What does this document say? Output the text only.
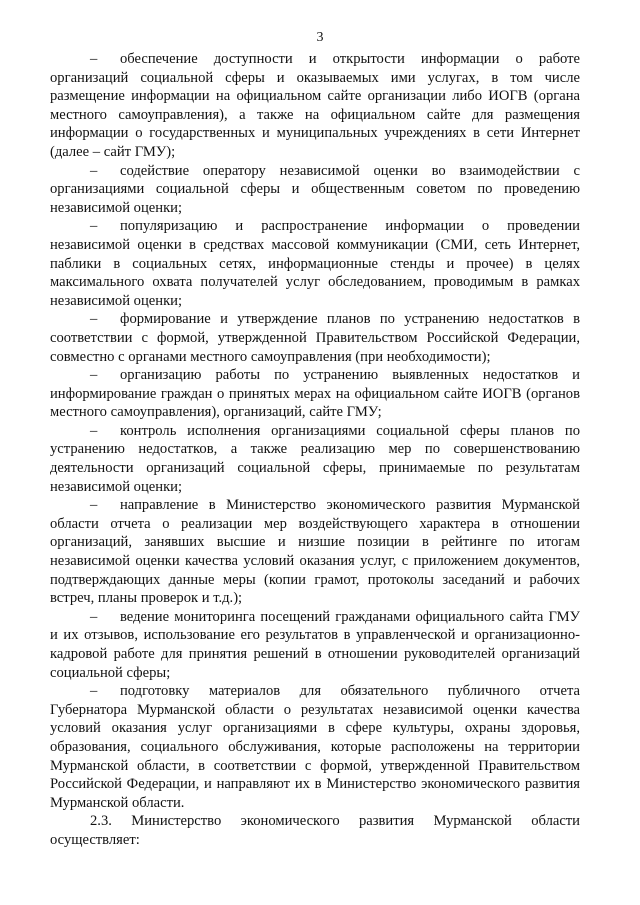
3

– обеспечение доступности и открытости информации о работе организаций социальной сферы и оказываемых ими услугах, в том числе размещение информации на официальном сайте организации либо ИОГВ (органа местного самоуправления), а также на официальном сайте для размещения информации о государственных и муниципальных учреждениях в сети Интернет (далее – сайт ГМУ);

– содействие оператору независимой оценки во взаимодействии с организациями социальной сферы и общественным советом по проведению независимой оценки;

– популяризацию и распространение информации о проведении независимой оценки в средствах массовой коммуникации (СМИ, сеть Интернет, паблики в социальных сетях, информационные стенды и прочее) в целях максимального охвата получателей услуг обследованием, проводимым в рамках независимой оценки;

– формирование и утверждение планов по устранению недостатков в соответствии с формой, утвержденной Правительством Российской Федерации, совместно с органами местного самоуправления (при необходимости);

– организацию работы по устранению выявленных недостатков и информирование граждан о принятых мерах на официальном сайте ИОГВ (органов местного самоуправления), организаций, сайте ГМУ;

– контроль исполнения организациями социальной сферы планов по устранению недостатков, а также реализацию мер по совершенствованию деятельности организаций социальной сферы, принимаемые по результатам независимой оценки;

– направление в Министерство экономического развития Мурманской области отчета о реализации мер воздействующего характера в отношении организаций, занявших высшие и низшие позиции в рейтинге по итогам независимой оценки качества условий оказания услуг, с приложением документов, подтверждающих данные меры (копии грамот, протоколы заседаний и рабочих встреч, планы проверок и т.д.);

– ведение мониторинга посещений гражданами официального сайта ГМУ и их отзывов, использование его результатов в управленческой и организационно-кадровой работе для принятия решений в отношении руководителей организаций социальной сферы;

– подготовку материалов для обязательного публичного отчета Губернатора Мурманской области о результатах независимой оценки качества условий оказания услуг организациями в сфере культуры, охраны здоровья, образования, социального обслуживания, которые расположены на территории Мурманской области, в соответствии с формой, утвержденной Правительством Российской Федерации, и направляют их в Министерство экономического развития Мурманской области.

2.3. Министерство экономического развития Мурманской области осуществляет:
